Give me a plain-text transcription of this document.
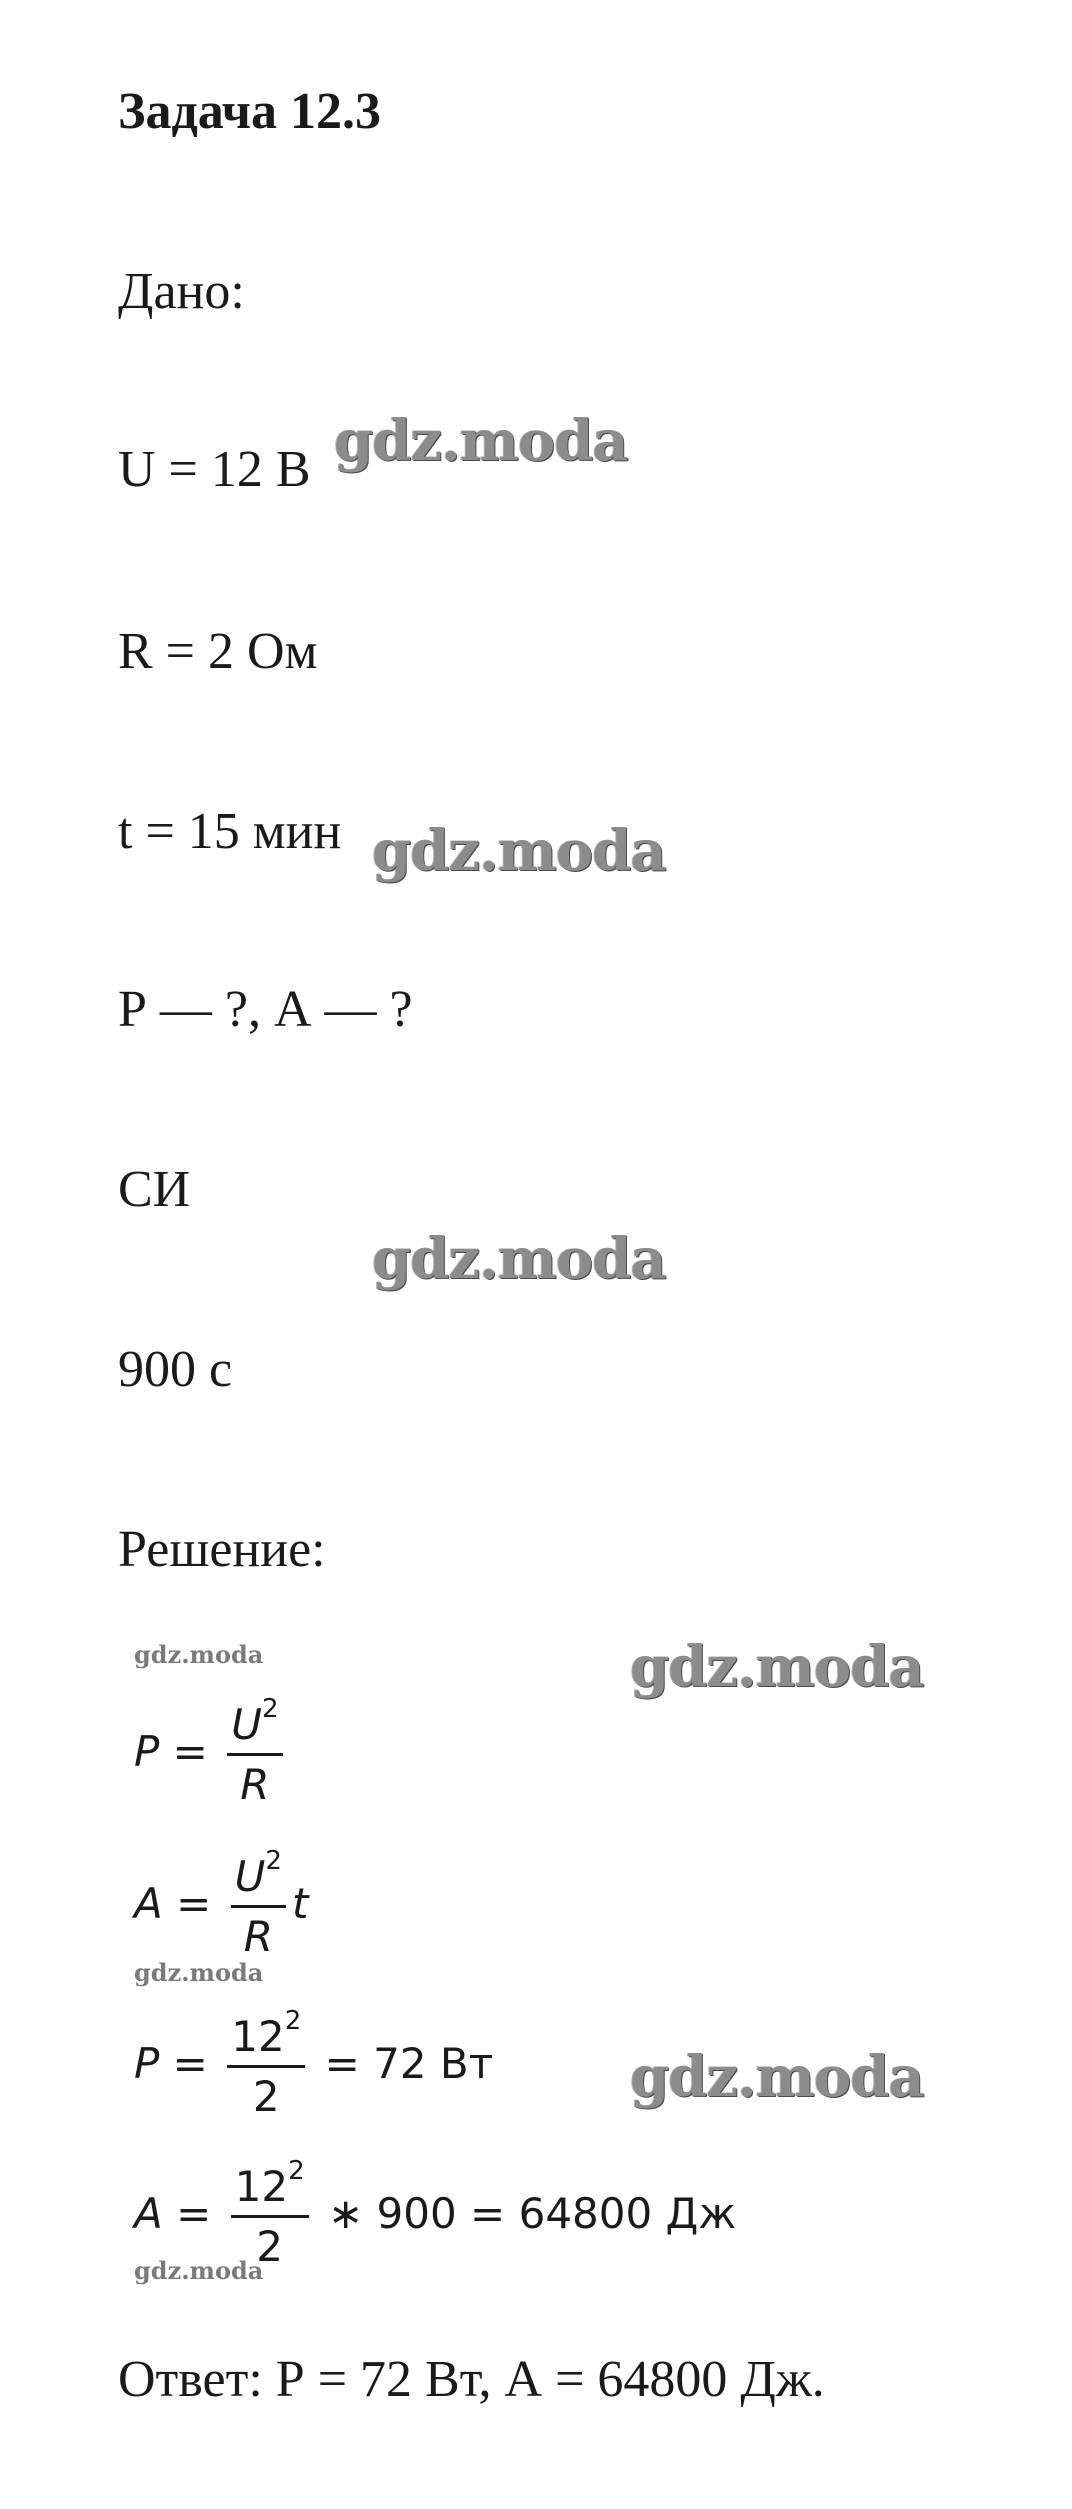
Задача 12.3
Дано:
U = 12 В
R = 2 Ом
t = 15 мин
Р — ?, А — ?
СИ
900 с
Решение:
$P = \frac{U^2}{R}$
$A = \frac{U^2}{R}$ t
$P = \frac{12^2}{2} = 72$ Вт
$A = \frac{12^2}{2}$ ∗ 900 = 64800 Дж
Ответ: Р = 72 Вт, А = 64800 Дж.
gdz.moda
gdz.moda
gdz.moda
gdz.moda
gdz.moda
gdz.moda
gdz.moda
gdz.moda
